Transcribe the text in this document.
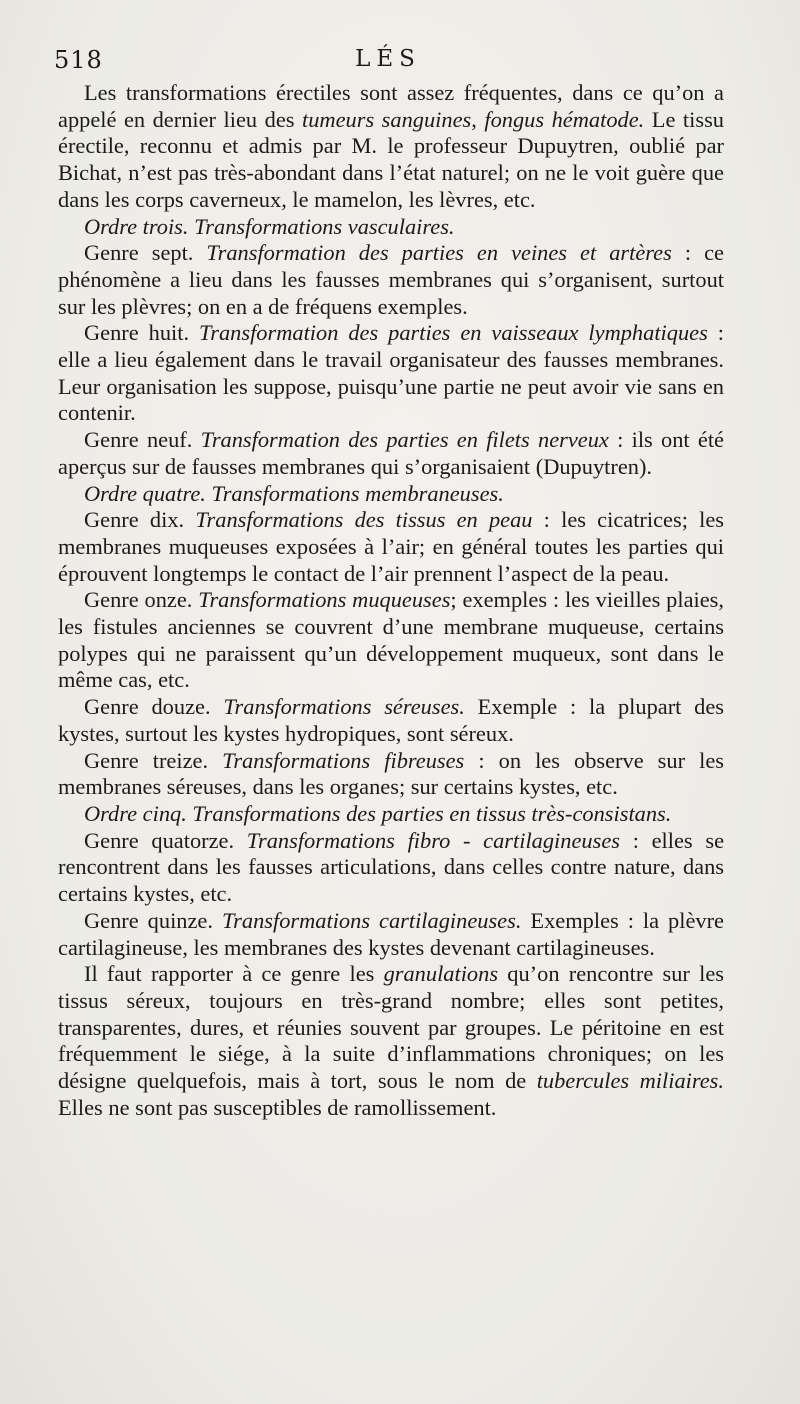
518	LÉS

Les transformations érectiles sont assez fréquentes, dans ce qu’on a appelé en dernier lieu des tumeurs sanguines, fongus hématode. Le tissu érectile, reconnu et admis par M. le professeur Dupuytren, oublié par Bichat, n’est pas très-abondant dans l’état naturel; on ne le voit guère que dans les corps caverneux, le mamelon, les lèvres, etc.

Ordre trois. Transformations vasculaires.

Genre sept. Transformation des parties en veines et artères : ce phénomène a lieu dans les fausses membranes qui s’organisent, surtout sur les plèvres; on en a de fréquens exemples.

Genre huit. Transformation des parties en vaisseaux lymphatiques : elle a lieu également dans le travail organisateur des fausses membranes. Leur organisation les suppose, puisqu’une partie ne peut avoir vie sans en contenir.

Genre neuf. Transformation des parties en filets nerveux : ils ont été aperçus sur de fausses membranes qui s’organisaient (Dupuytren).

Ordre quatre. Transformations membraneuses.

Genre dix. Transformations des tissus en peau : les cicatrices; les membranes muqueuses exposées à l’air; en général toutes les parties qui éprouvent longtemps le contact de l’air prennent l’aspect de la peau.

Genre onze. Transformations muqueuses; exemples : les vieilles plaies, les fistules anciennes se couvrent d’une membrane muqueuse, certains polypes qui ne paraissent qu’un développement muqueux, sont dans le même cas, etc.

Genre douze. Transformations séreuses. Exemple : la plupart des kystes, surtout les kystes hydropiques, sont séreux.

Genre treize. Transformations fibreuses : on les observe sur les membranes séreuses, dans les organes; sur certains kystes, etc.

Ordre cinq. Transformations des parties en tissus très-consistans.

Genre quatorze. Transformations fibro - cartilagineuses : elles se rencontrent dans les fausses articulations, dans celles contre nature, dans certains kystes, etc.

Genre quinze. Transformations cartilagineuses. Exemples : la plèvre cartilagineuse, les membranes des kystes devenant cartilagineuses.

Il faut rapporter à ce genre les granulations qu’on rencontre sur les tissus séreux, toujours en très-grand nombre; elles sont petites, transparentes, dures, et réunies souvent par groupes. Le péritoine en est fréquemment le siége, à la suite d’inflammations chroniques; on les désigne quelquefois, mais à tort, sous le nom de tubercules miliaires. Elles ne sont pas susceptibles de ramollissement.
